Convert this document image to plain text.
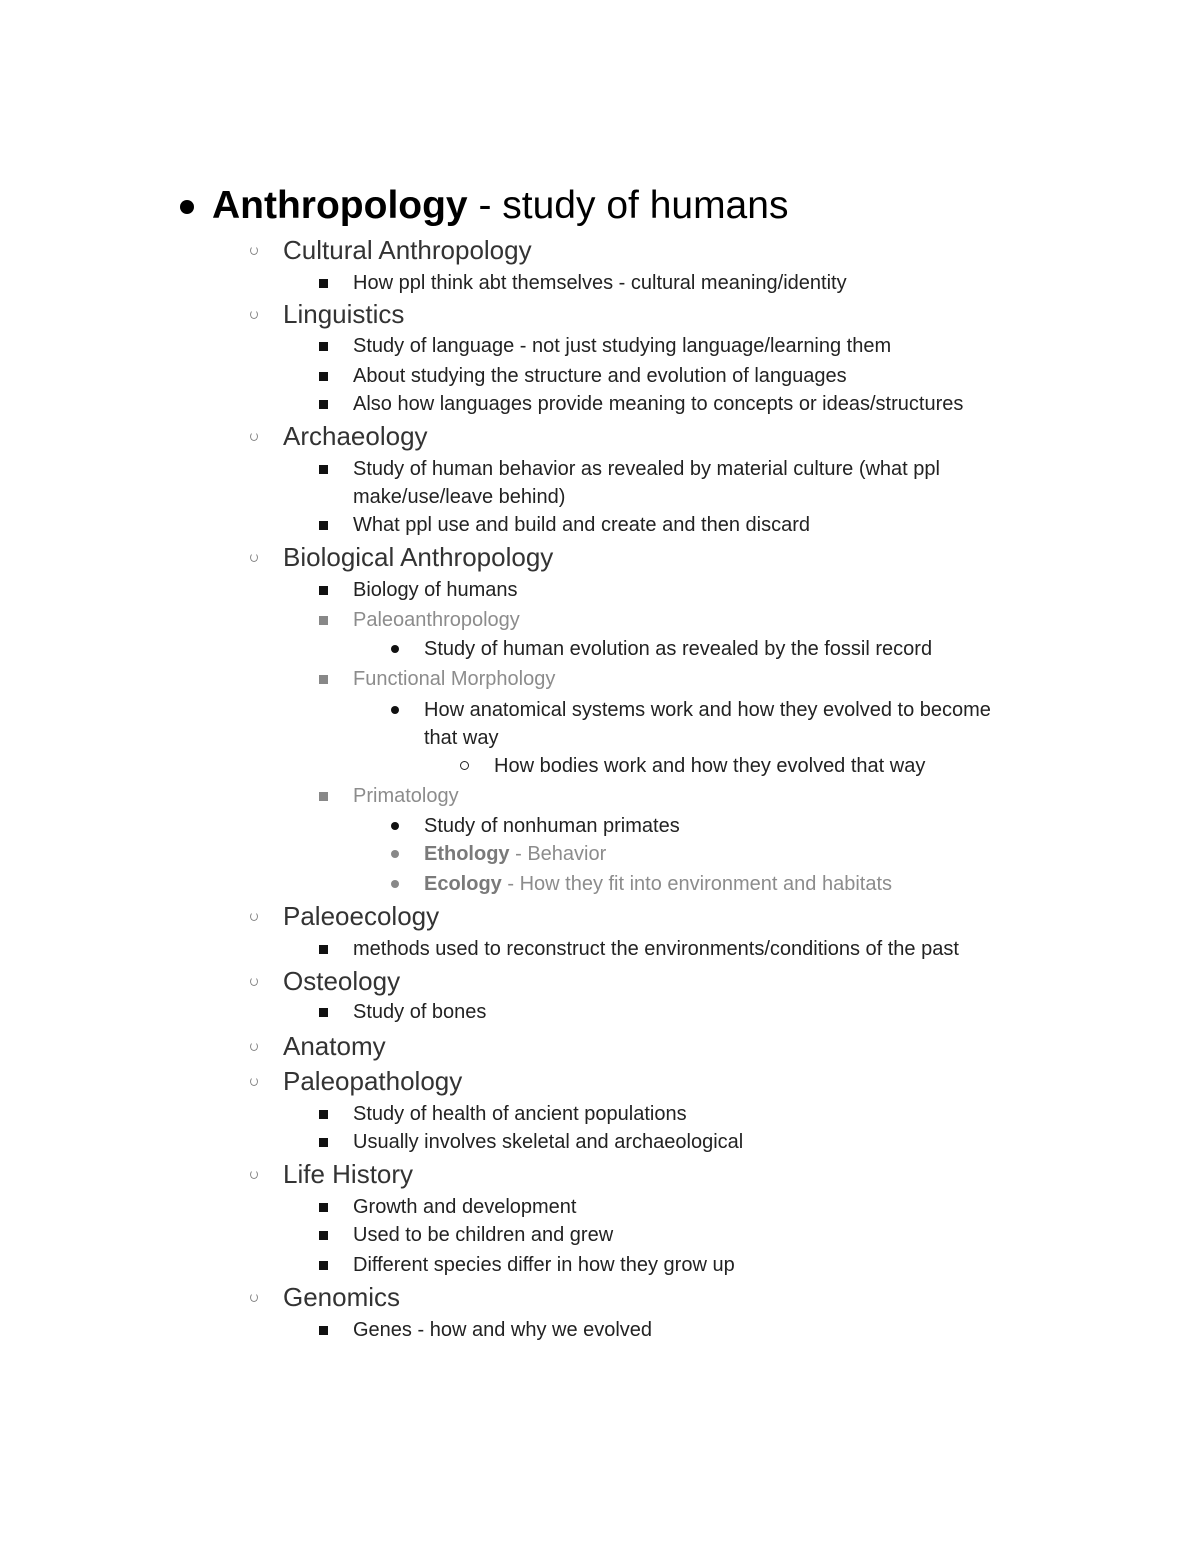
Anthropology - study of humans
Cultural Anthropology
How ppl think abt themselves - cultural meaning/identity
Linguistics
Study of language - not just studying language/learning them
About studying the structure and evolution of languages
Also how languages provide meaning to concepts or ideas/structures
Archaeology
Study of human behavior as revealed by material culture (what ppl
make/use/leave behind)
What ppl use and build and create and then discard
Biological Anthropology
Biology of humans
Paleoanthropology
Study of human evolution as revealed by the fossil record
Functional Morphology
How anatomical systems work and how they evolved to become
that way
How bodies work and how they evolved that way
Primatology
Study of nonhuman primates
Ethology - Behavior
Ecology - How they fit into environment and habitats
Paleoecology
methods used to reconstruct the environments/conditions of the past
Osteology
Study of bones
Anatomy
Paleopathology
Study of health of ancient populations
Usually involves skeletal and archaeological
Life History
Growth and development
Used to be children and grew
Different species differ in how they grow up
Genomics
Genes - how and why we evolved
